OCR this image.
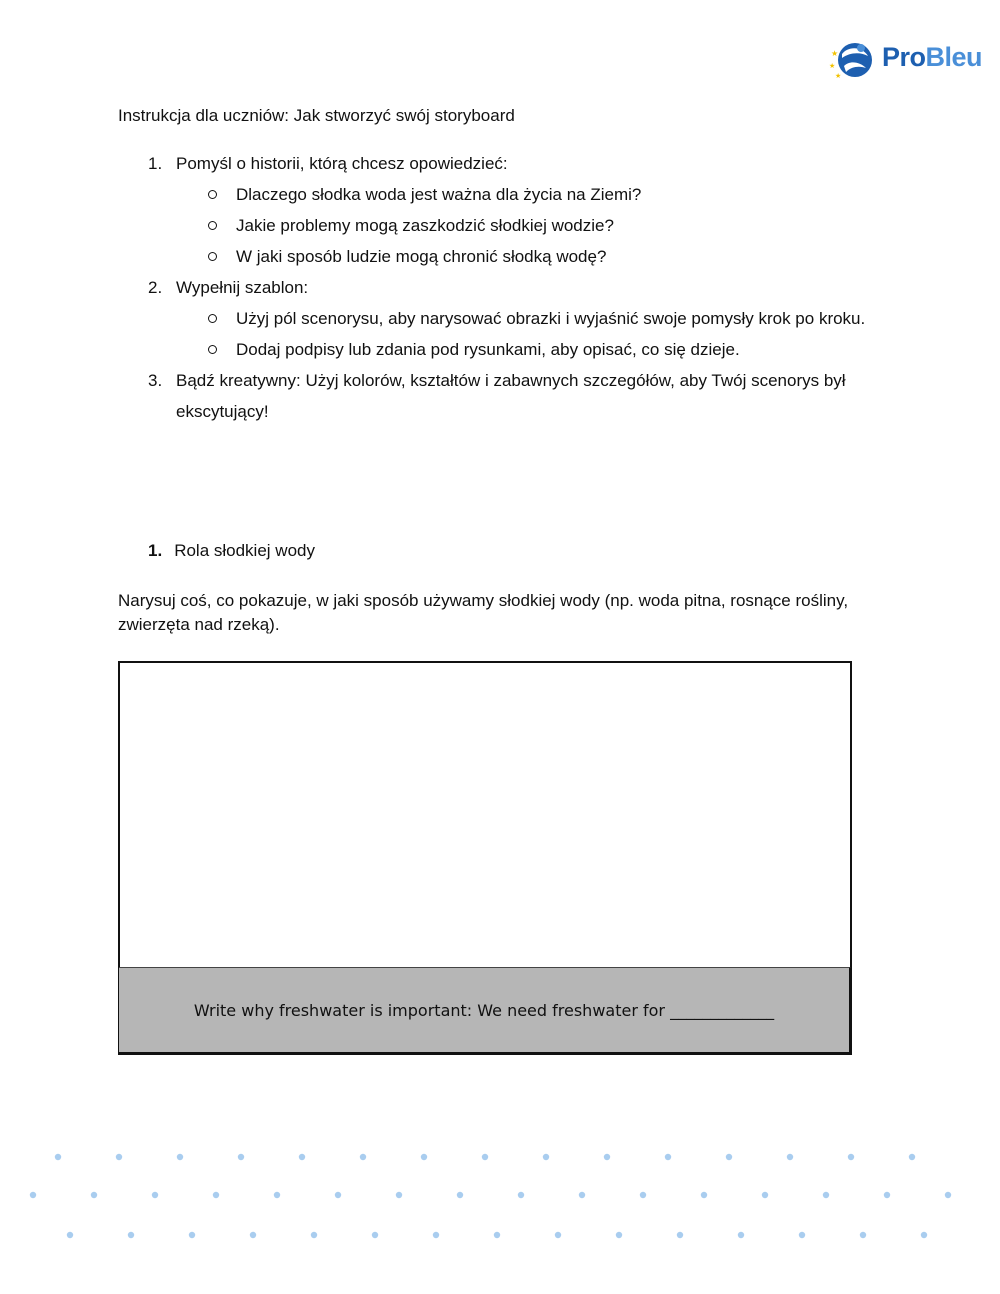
★
★
★
ProBleu
Instrukcja dla uczniów: Jak stworzyć swój storyboard
1. Pomyśl o historii, którą chcesz opowiedzieć:
Dlaczego słodka woda jest ważna dla życia na Ziemi?
Jakie problemy mogą zaszkodzić słodkiej wodzie?
W jaki sposób ludzie mogą chronić słodką wodę?
2. Wypełnij szablon:
Użyj pól scenorysu, aby narysować obrazki i wyjaśnić swoje pomysły krok po kroku.
Dodaj podpisy lub zdania pod rysunkami, aby opisać, co się dzieje.
3. Bądź kreatywny: Użyj kolorów, kształtów i zabawnych szczegółów, aby Twój scenorys był ekscytujący!
1. Rola słodkiej wody
Narysuj coś, co pokazuje, w jaki sposób używamy słodkiej wody (np. woda pitna, rosnące rośliny, zwierzęta nad rzeką).
Write why freshwater is important: We need freshwater for _____________
